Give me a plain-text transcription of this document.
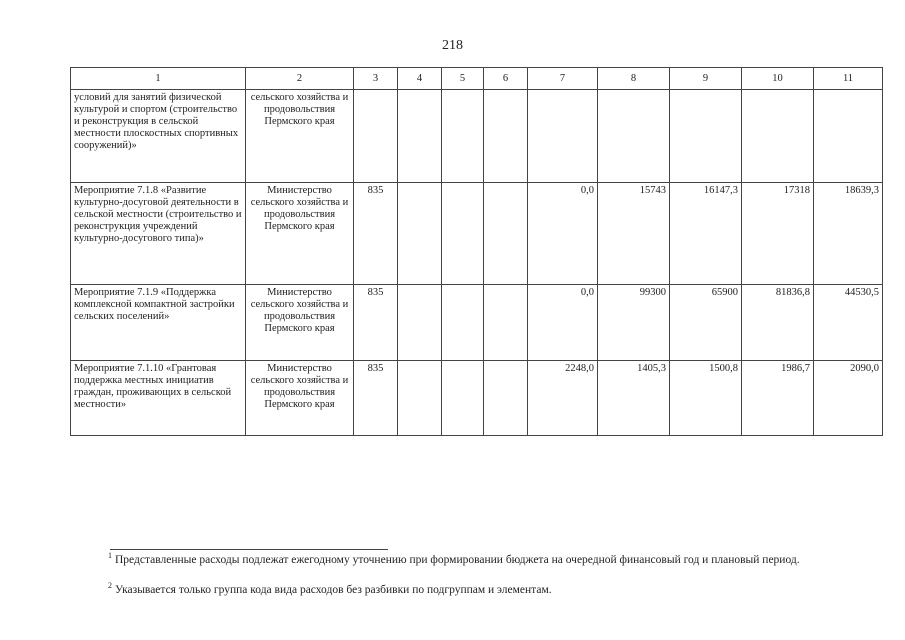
218
1	2	3	4	5	6	7	8	9	10	11
условий для занятий физической культурой и спортом (строительство и реконструкция в сельской местности плоскостных спортивных сооружений)»	сельского хозяйства и продовольствия Пермского края									
Мероприятие 7.1.8 «Развитие культурно-досуговой деятельности в сельской местности (строительство и реконструкция учреждений культурно-досугового типа)»	Министерство сельского хозяйства и продовольствия Пермского края	835				0,0	15743	16147,3	17318	18639,3
Мероприятие 7.1.9 «Поддержка комплексной компактной застройки сельских поселений»	Министерство сельского хозяйства и продовольствия Пермского края	835				0,0	99300	65900	81836,8	44530,5
Мероприятие 7.1.10 «Грантовая поддержка местных инициатив граждан, проживающих в сельской местности»	Министерство сельского хозяйства и продовольствия Пермского края	835				2248,0	1405,3	1500,8	1986,7	2090,0
$^1$ Представленные расходы подлежат ежегодному уточнению при формировании бюджета на очередной финансовый год и плановый период.
$^2$ Указывается только группа кода вида расходов без разбивки по подгруппам и элементам.
